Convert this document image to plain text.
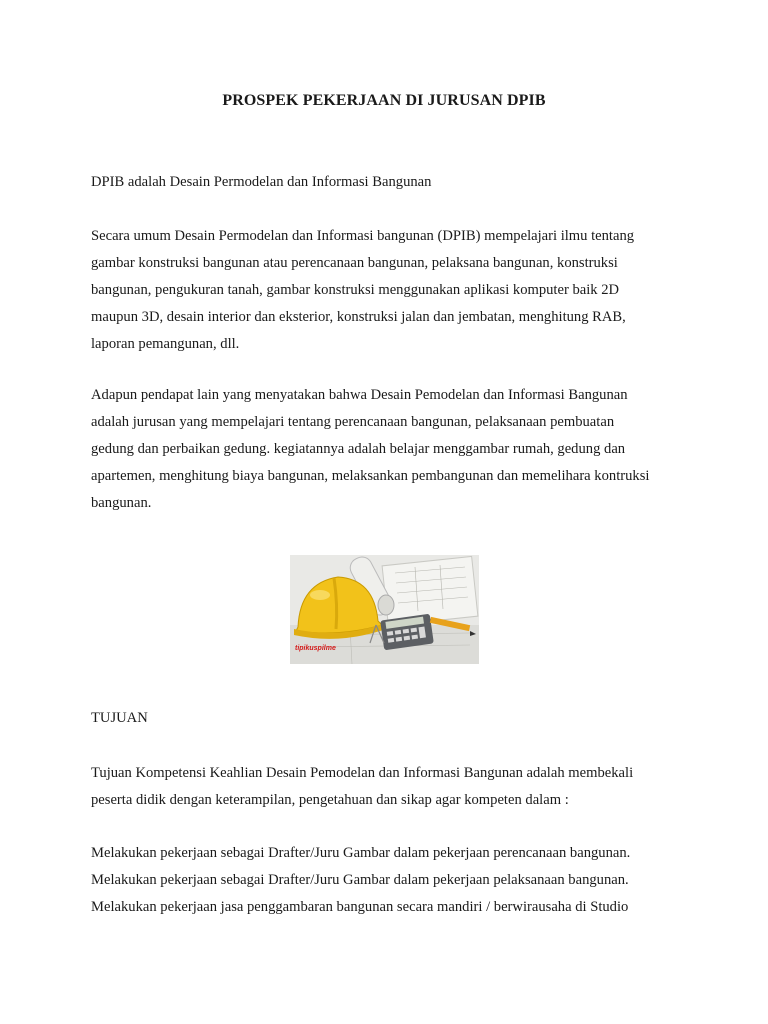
PROSPEK PEKERJAAN DI JURUSAN DPIB

DPIB adalah Desain Permodelan dan Informasi Bangunan

Secara umum Desain Permodelan dan Informasi bangunan (DPIB) mempelajari ilmu tentang
gambar konstruksi bangunan atau perencanaan bangunan, pelaksana bangunan, konstruksi
bangunan, pengukuran tanah, gambar konstruksi menggunakan aplikasi komputer baik 2D
maupun 3D, desain interior dan eksterior, konstruksi jalan dan jembatan, menghitung RAB,
laporan pemangunan, dll.

Adapun pendapat lain yang menyatakan bahwa Desain Pemodelan dan Informasi Bangunan
adalah jurusan yang mempelajari tentang perencanaan bangunan, pelaksanaan pembuatan
gedung dan perbaikan gedung. kegiatannya adalah belajar menggambar rumah, gedung dan
apartemen, menghitung biaya bangunan, melaksankan pembangunan dan memelihara kontruksi
bangunan.

tipikuspilme

TUJUAN

Tujuan Kompetensi Keahlian Desain Pemodelan dan Informasi Bangunan adalah membekali
peserta didik dengan keterampilan, pengetahuan dan sikap agar kompeten dalam :

Melakukan pekerjaan sebagai Drafter/Juru Gambar dalam pekerjaan perencanaan bangunan.
Melakukan pekerjaan sebagai Drafter/Juru Gambar dalam pekerjaan pelaksanaan bangunan.
Melakukan pekerjaan jasa penggambaran bangunan secara mandiri / berwirausaha di Studio
